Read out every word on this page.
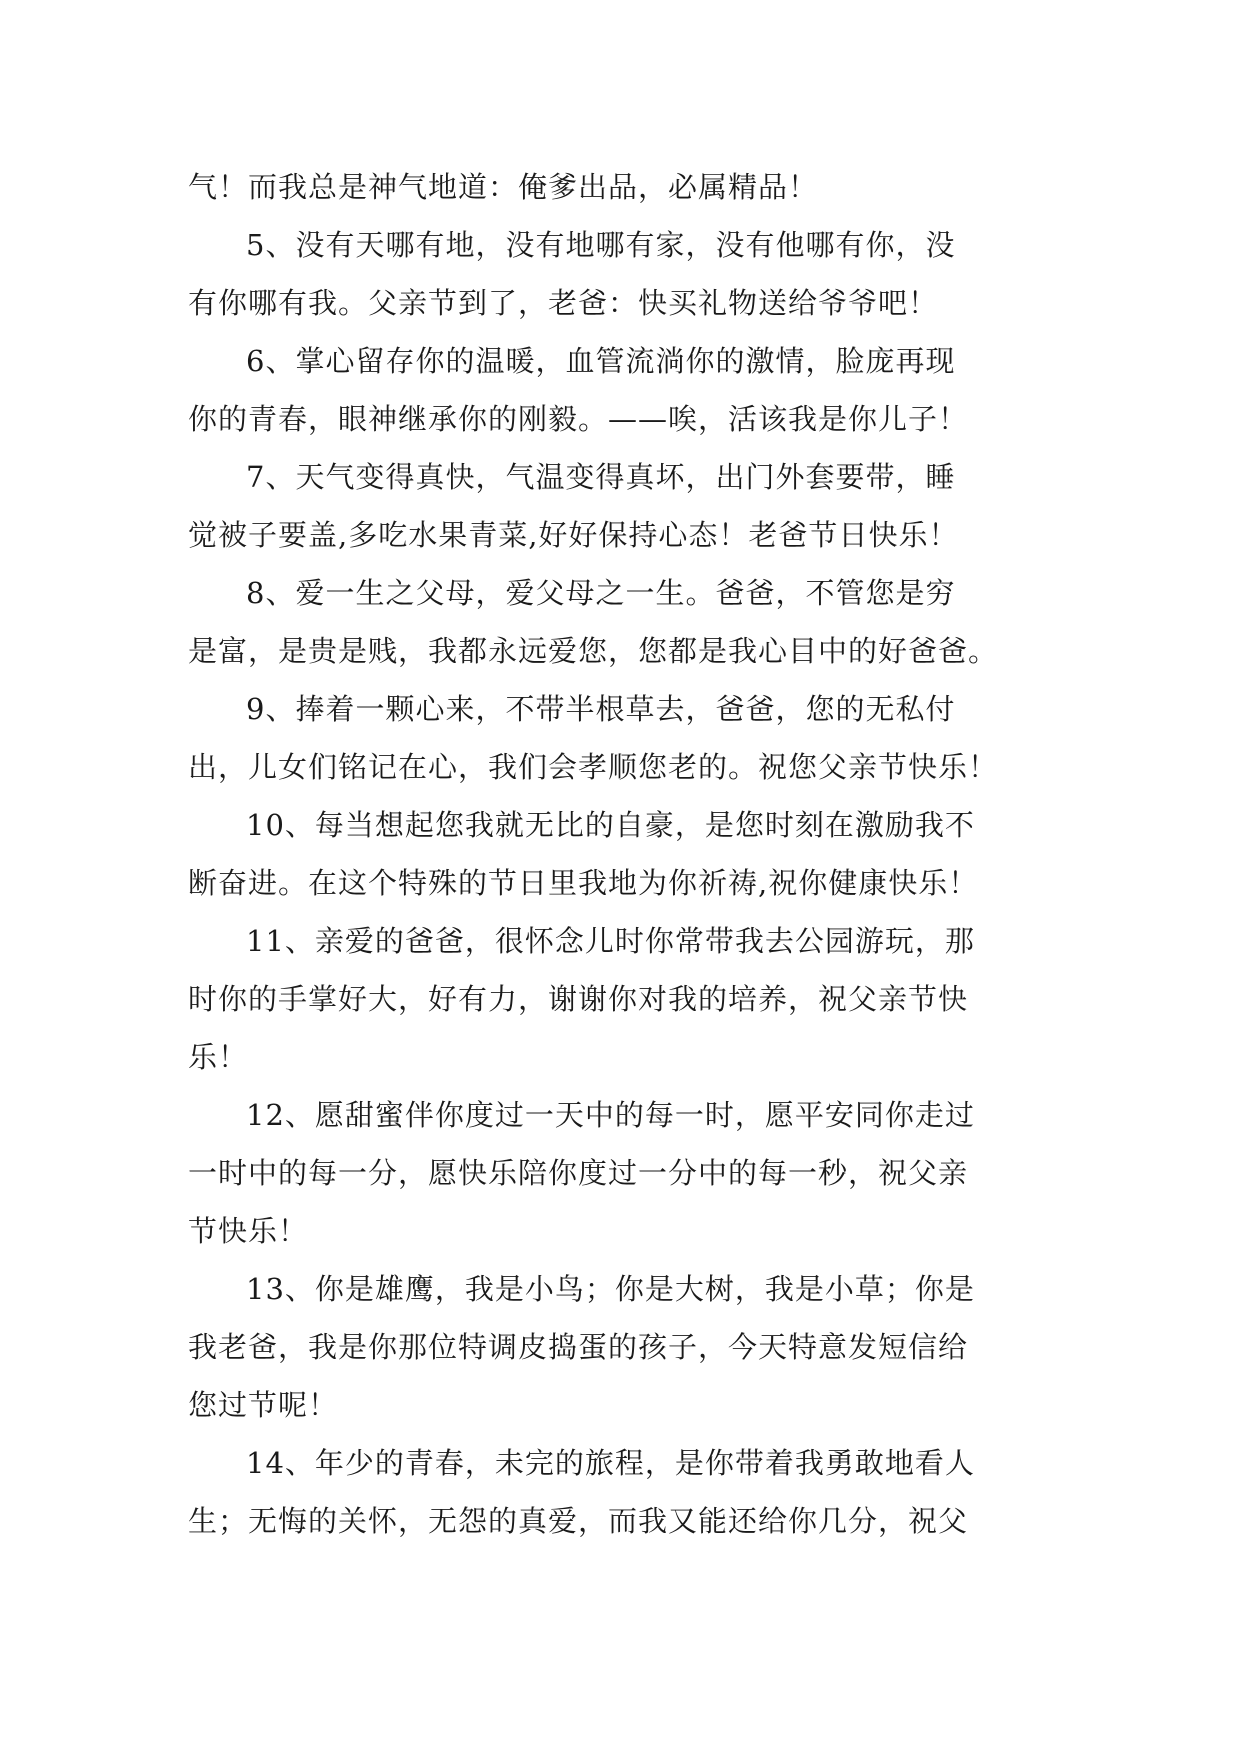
气！而我总是神气地道：俺爹出品，必属精品！
5、没有天哪有地，没有地哪有家，没有他哪有你，没
有你哪有我。父亲节到了，老爸：快买礼物送给爷爷吧！
6、掌心留存你的温暖，血管流淌你的激情，脸庞再现
你的青春，眼神继承你的刚毅。——唉，活该我是你儿子！
7、天气变得真快，气温变得真坏，出门外套要带，睡
觉被子要盖,多吃水果青菜,好好保持心态！老爸节日快乐！
8、爱一生之父母，爱父母之一生。爸爸，不管您是穷
是富，是贵是贱，我都永远爱您，您都是我心目中的好爸爸。
9、捧着一颗心来，不带半根草去，爸爸，您的无私付
出，儿女们铭记在心，我们会孝顺您老的。祝您父亲节快乐！
10、每当想起您我就无比的自豪，是您时刻在激励我不
断奋进。在这个特殊的节日里我地为你祈祷,祝你健康快乐！
11、亲爱的爸爸，很怀念儿时你常带我去公园游玩，那
时你的手掌好大，好有力，谢谢你对我的培养，祝父亲节快
乐！
12、愿甜蜜伴你度过一天中的每一时，愿平安同你走过
一时中的每一分，愿快乐陪你度过一分中的每一秒，祝父亲
节快乐！
13、你是雄鹰，我是小鸟；你是大树，我是小草；你是
我老爸，我是你那位特调皮捣蛋的孩子，今天特意发短信给
您过节呢！
14、年少的青春，未完的旅程，是你带着我勇敢地看人
生；无悔的关怀，无怨的真爱，而我又能还给你几分，祝父
